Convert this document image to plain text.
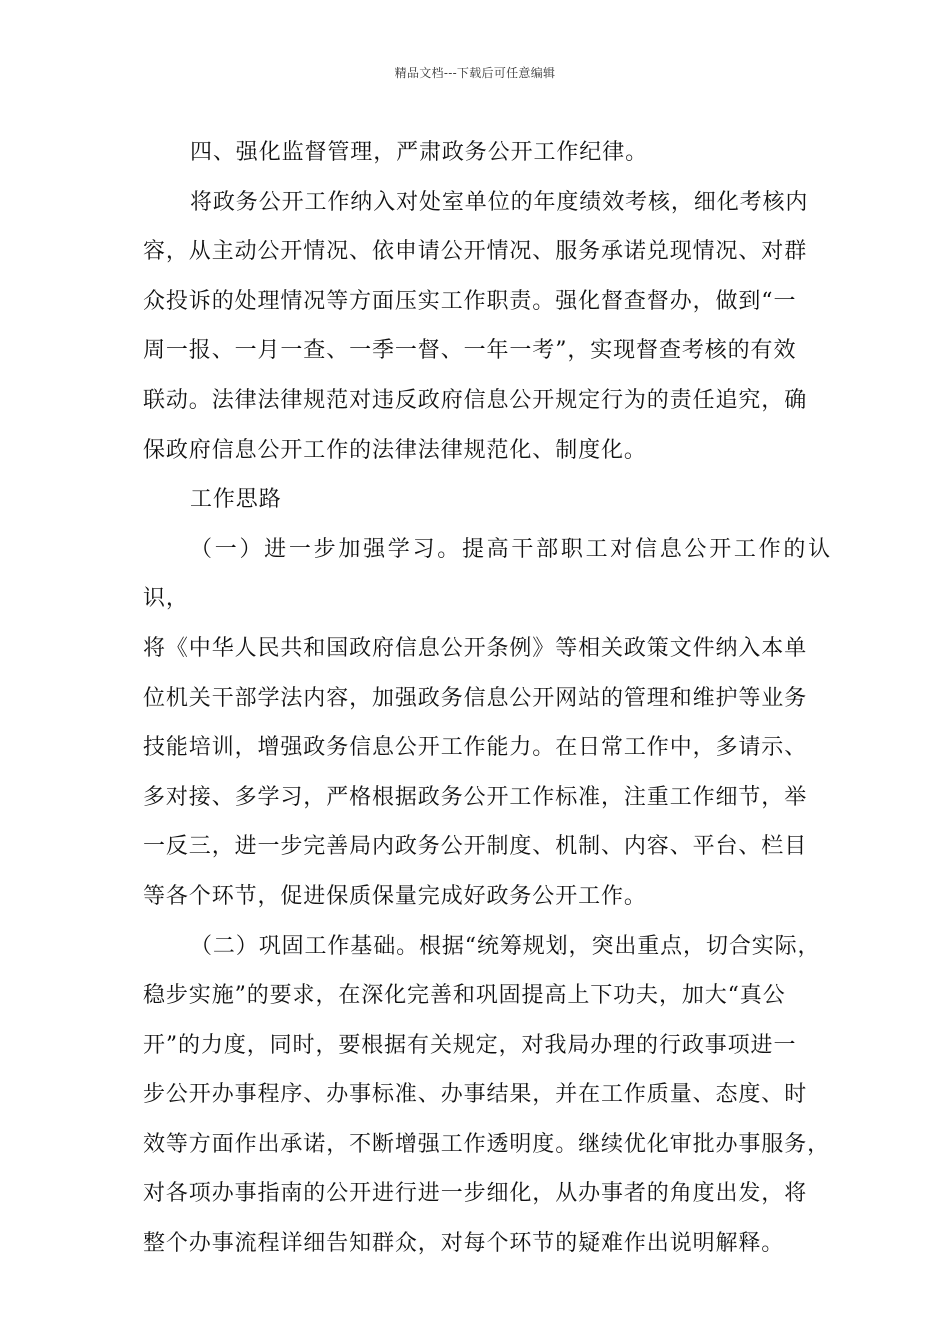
精品文档---下载后可任意编辑

四、强化监督管理，严肃政务公开工作纪律。

将政务公开工作纳入对处室单位的年度绩效考核，细化考核内
容，从主动公开情况、依申请公开情况、服务承诺兑现情况、对群
众投诉的处理情况等方面压实工作职责。强化督查督办，做到“一
周一报、一月一查、一季一督、一年一考”，实现督查考核的有效
联动。法律法律规范对违反政府信息公开规定行为的责任追究，确
保政府信息公开工作的法律法律规范化、制度化。

工作思路

（一）进一步加强学习。提高干部职工对信息公开工作的认识，
将《中华人民共和国政府信息公开条例》等相关政策文件纳入本单
位机关干部学法内容，加强政务信息公开网站的管理和维护等业务
技能培训，增强政务信息公开工作能力。在日常工作中，多请示、
多对接、多学习，严格根据政务公开工作标准，注重工作细节，举
一反三，进一步完善局内政务公开制度、机制、内容、平台、栏目
等各个环节，促进保质保量完成好政务公开工作。

（二）巩固工作基础。根据“统筹规划，突出重点，切合实际，
稳步实施”的要求，在深化完善和巩固提高上下功夫，加大“真公
开”的力度，同时，要根据有关规定，对我局办理的行政事项进一
步公开办事程序、办事标准、办事结果，并在工作质量、态度、时
效等方面作出承诺，不断增强工作透明度。继续优化审批办事服务，
对各项办事指南的公开进行进一步细化，从办事者的角度出发，将
整个办事流程详细告知群众，对每个环节的疑难作出说明解释。
